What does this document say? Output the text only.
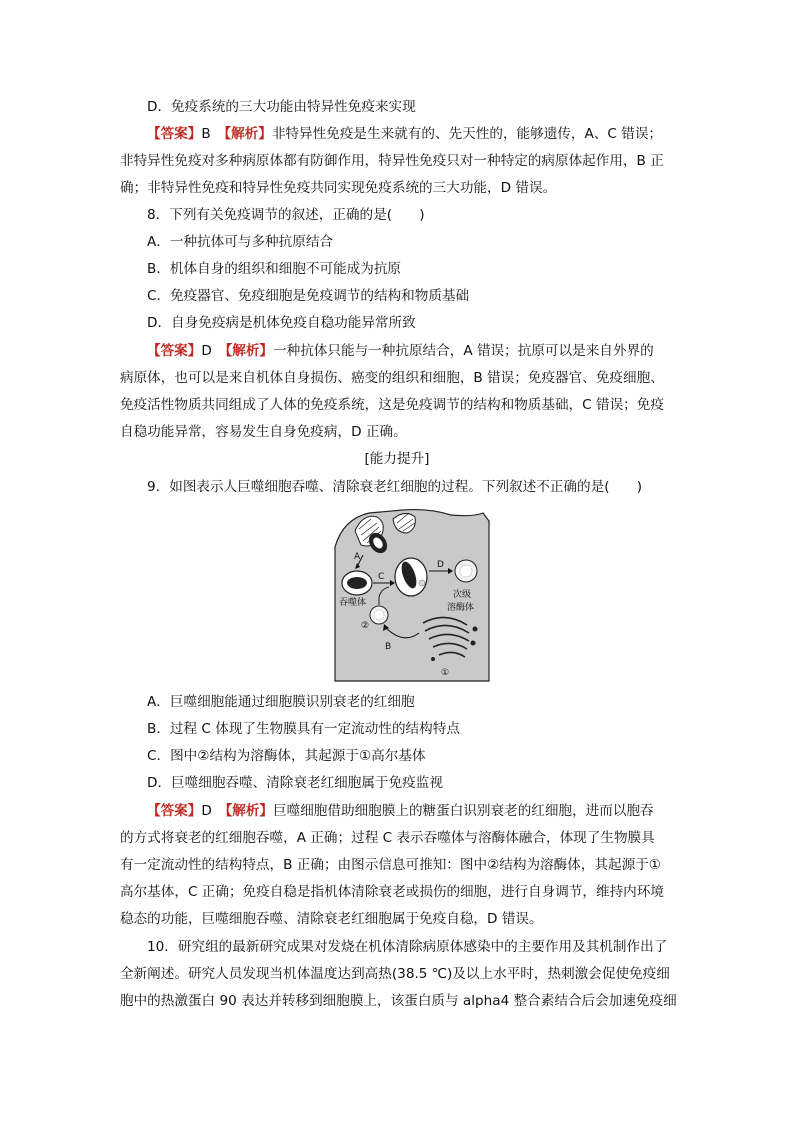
D．免疫系统的三大功能由特异性免疫来实现
【答案】B　 【解析】非特异性免疫是生来就有的、先天性的，能够遗传，A、C 错误；
非特异性免疫对多种病原体都有防御作用，特异性免疫只对一种特定的病原体起作用，B 正
确；非特异性免疫和特异性免疫共同实现免疫系统的三大功能，D 错误。
8．下列有关免疫调节的叙述，正确的是(　　)
A．一种抗体可与多种抗原结合
B．机体自身的组织和细胞不可能成为抗原
C．免疫器官、免疫细胞是免疫调节的结构和物质基础
D．自身免疫病是机体免疫自稳功能异常所致
【答案】D　 【解析】一种抗体只能与一种抗原结合，A 错误；抗原可以是来自外界的
病原体，也可以是来自机体自身损伤、癌变的组织和细胞，B 错误；免疫器官、免疫细胞、
免疫活性物质共同组成了人体的免疫系统，这是免疫调节的结构和物质基础，C 错误；免疫
自稳功能异常，容易发生自身免疫病，D 正确。
[能力提升]
9．如图表示人巨噬细胞吞噬、清除衰老红细胞的过程。下列叙述不正确的是(　　)
A
吞噬体
C
D
次级
溶酶体
②
B
①
A．巨噬细胞能通过细胞膜识别衰老的红细胞
B．过程 C 体现了生物膜具有一定流动性的结构特点
C．图中②结构为溶酶体，其起源于①高尔基体
D．巨噬细胞吞噬、清除衰老红细胞属于免疫监视
【答案】D　 【解析】巨噬细胞借助细胞膜上的糖蛋白识别衰老的红细胞，进而以胞吞
的方式将衰老的红细胞吞噬，A 正确；过程 C 表示吞噬体与溶酶体融合，体现了生物膜具
有一定流动性的结构特点，B 正确；由图示信息可推知：图中②结构为溶酶体，其起源于①
高尔基体，C 正确；免疫自稳是指机体清除衰老或损伤的细胞，进行自身调节，维持内环境
稳态的功能，巨噬细胞吞噬、清除衰老红细胞属于免疫自稳，D 错误。
10．研究组的最新研究成果对发烧在机体清除病原体感染中的主要作用及其机制作出了
全新阐述。研究人员发现当机体温度达到高热(38.5 ℃)及以上水平时，热刺激会促使免疫细
胞中的热激蛋白 90 表达并转移到细胞膜上，该蛋白质与 alpha4 整合素结合后会加速免疫细
